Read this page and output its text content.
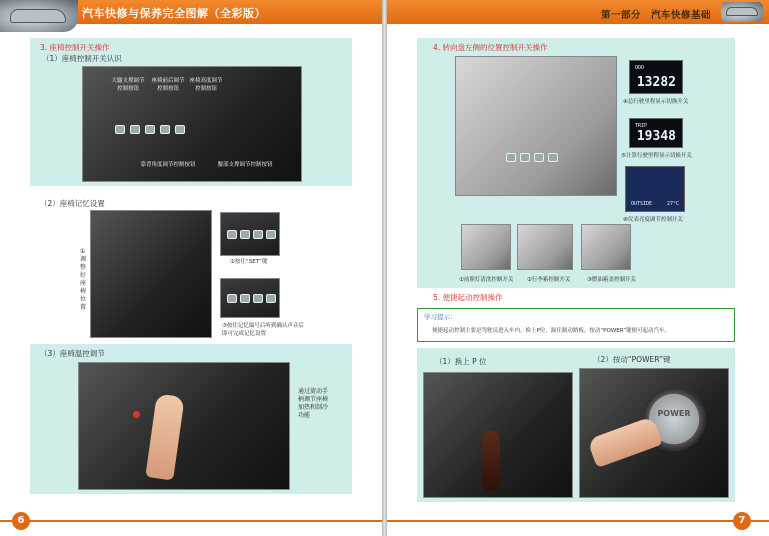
汽车快修与保养完全图解（全彩版）
3. 座椅控制开关操作
（1）座椅控制开关认识
大腿支撑调节控制按钮
座椅前后调节控制按钮
座椅高度调节控制按钮
靠背角度调节控制按钮	腰部支撑调节控制按钮
（2）座椅记忆设置
①调整好座椅位置
②按住“SET”键
③按住记忆编号后听到确认声音后即可完成记忆设置
（3）座椅温控调节
通过旋动手柄调节座椅加热和制冷功能
6
第一部分　汽车快修基础
4. 转向盘左侧的位置控制开关操作
ODO
13282
④总行驶里程显示切换开关
TRIP
19348
⑤计算行驶里程显示切换开关
OUTSIDE	27°C
⑥仪表亮度调节控制开关
①前照灯清洗控制开关 ②行李箱控制开关	③燃油箱盖控制开关
5. 便捷起动控制操作
学习提示：
便捷起动控制主要是驾驶员进入车内，换上P位，踩住制动踏板，按动“POWER”键便可起动汽车。
（1）换上 P 位	（2）按动“POWER”键
POWER
7
